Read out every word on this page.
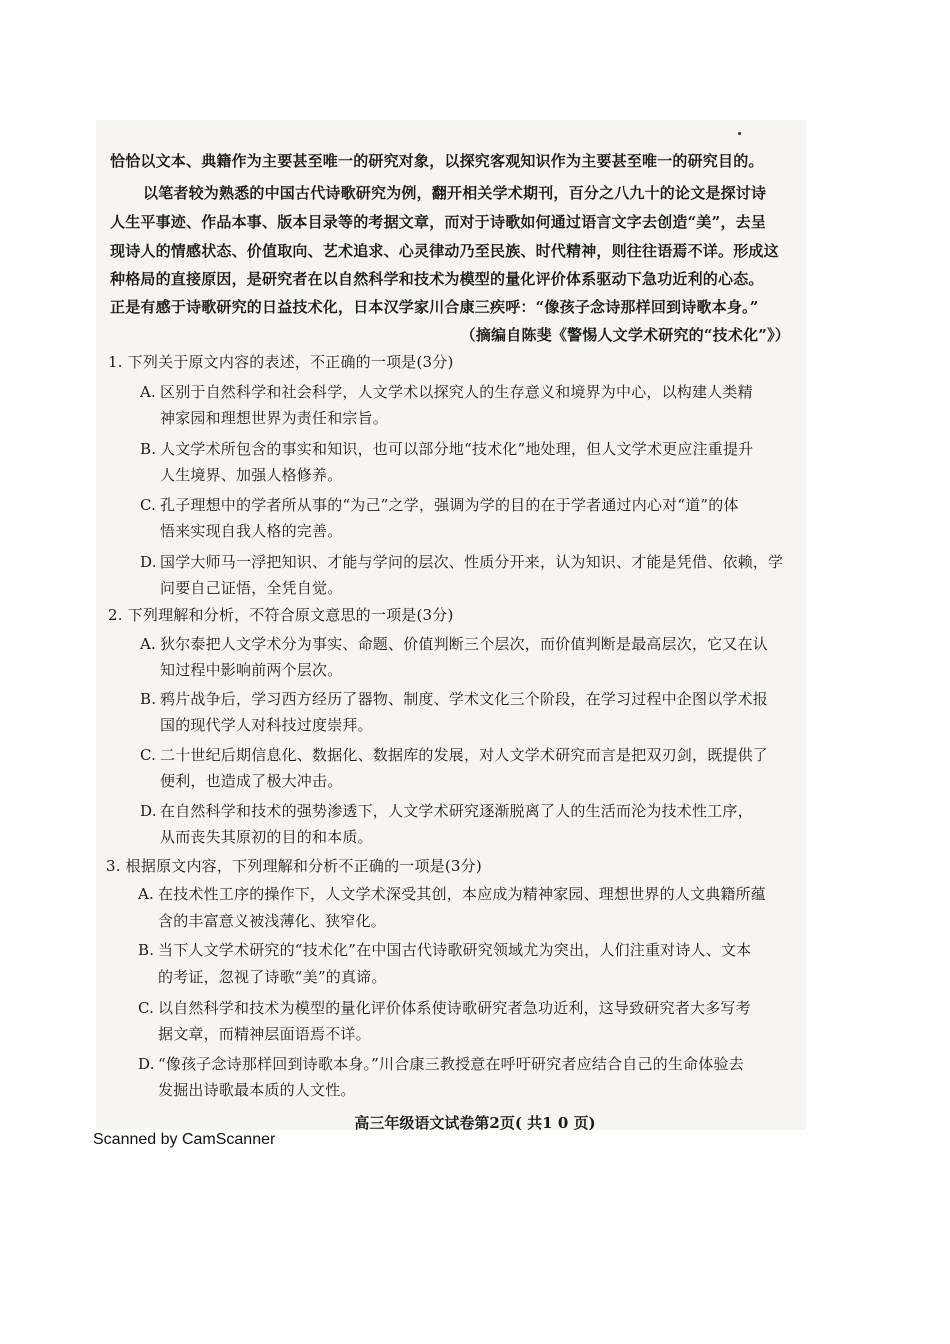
恰恰以文本、典籍作为主要甚至唯一的研究对象，以探究客观知识作为主要甚至唯一的研究目的。
以笔者较为熟悉的中国古代诗歌研究为例，翻开相关学术期刊，百分之八九十的论文是探讨诗
人生平事迹、作品本事、版本目录等的考据文章，而对于诗歌如何通过语言文字去创造“美”，去呈
现诗人的情感状态、价值取向、艺术追求、心灵律动乃至民族、时代精神，则往往语焉不详。形成这
种格局的直接原因，是研究者在以自然科学和技术为模型的量化评价体系驱动下急功近利的心态。
正是有感于诗歌研究的日益技术化，日本汉学家川合康三疾呼：“像孩子念诗那样回到诗歌本身。”
（摘编自陈斐《警惕人文学术研究的“技术化”》）
1. 下列关于原文内容的表述，不正确的一项是(3分)
A. 区别于自然科学和社会科学，人文学术以探究人的生存意义和境界为中心，以构建人类精
神家园和理想世界为责任和宗旨。
B. 人文学术所包含的事实和知识，也可以部分地“技术化”地处理，但人文学术更应注重提升
人生境界、加强人格修养。
C. 孔子理想中的学者所从事的“为己”之学，强调为学的目的在于学者通过内心对“道”的体
悟来实现自我人格的完善。
D. 国学大师马一浮把知识、才能与学问的层次、性质分开来，认为知识、才能是凭借、依赖，学
问要自己证悟，全凭自觉。
2. 下列理解和分析，不符合原文意思的一项是(3分)
A. 狄尔泰把人文学术分为事实、命题、价值判断三个层次，而价值判断是最高层次，它又在认
知过程中影响前两个层次。
B. 鸦片战争后，学习西方经历了器物、制度、学术文化三个阶段，在学习过程中企图以学术报
国的现代学人对科技过度崇拜。
C. 二十世纪后期信息化、数据化、数据库的发展，对人文学术研究而言是把双刃剑，既提供了
便利，也造成了极大冲击。
D. 在自然科学和技术的强势渗透下，人文学术研究逐渐脱离了人的生活而沦为技术性工序，
从而丧失其原初的目的和本质。
3. 根据原文内容，下列理解和分析不正确的一项是(3分)
A. 在技术性工序的操作下，人文学术深受其创，本应成为精神家园、理想世界的人文典籍所蕴
含的丰富意义被浅薄化、狭窄化。
B. 当下人文学术研究的“技术化”在中国古代诗歌研究领域尤为突出，人们注重对诗人、文本
的考证，忽视了诗歌“美”的真谛。
C. 以自然科学和技术为模型的量化评价体系使诗歌研究者急功近利，这导致研究者大多写考
据文章，而精神层面语焉不详。
D. “像孩子念诗那样回到诗歌本身。”川合康三教授意在呼吁研究者应结合自己的生命体验去
发掘出诗歌最本质的人文性。
高三年级语文试卷第2页( 共1 0 页)
Scanned by CamScanner
